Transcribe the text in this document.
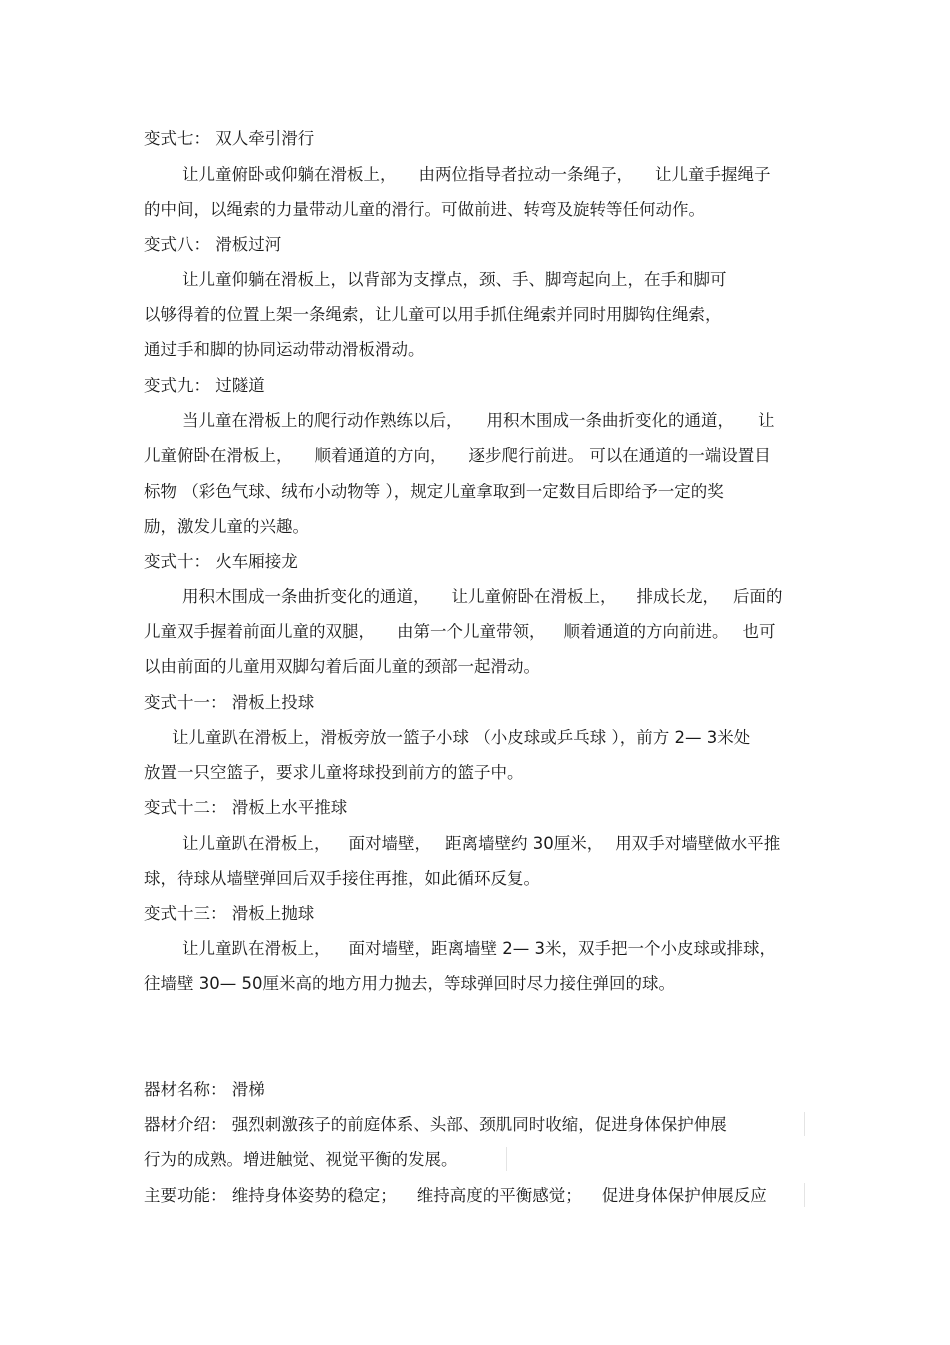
变式七： 双人牵引滑行
让儿童俯卧或仰躺在滑板上， 由两位指导者拉动一条绳子， 让儿童手握绳子
的中间，以绳索的力量带动儿童的滑行。可做前进、转弯及旋转等任何动作。
变式八： 滑板过河
让儿童仰躺在滑板上，以背部为支撑点，颈、手、脚弯起向上，在手和脚可
以够得着的位置上架一条绳索，让儿童可以用手抓住绳索并同时用脚钩住绳索，
通过手和脚的协同运动带动滑板滑动。
变式九： 过隧道
当儿童在滑板上的爬行动作熟练以后， 用积木围成一条曲折变化的通道， 让
儿童俯卧在滑板上， 顺着通道的方向， 逐步爬行前进。 可以在通道的一端设置目
标物 （彩色气球、绒布小动物等 ），规定儿童拿取到一定数目后即给予一定的奖
励，激发儿童的兴趣。
变式十： 火车厢接龙
用积木围成一条曲折变化的通道， 让儿童俯卧在滑板上， 排成长龙， 后面的
儿童双手握着前面儿童的双腿， 由第一个儿童带领， 顺着通道的方向前进。 也可
以由前面的儿童用双脚勾着后面儿童的颈部一起滑动。
变式十一： 滑板上投球
让儿童趴在滑板上，滑板旁放一篮子小球 （小皮球或乒乓球 ），前方 2— 3米处
放置一只空篮子，要求儿童将球投到前方的篮子中。
变式十二： 滑板上水平推球
让儿童趴在滑板上， 面对墙壁， 距离墙壁约 30厘米， 用双手对墙壁做水平推
球，待球从墙壁弹回后双手接住再推，如此循环反复。
变式十三： 滑板上抛球
让儿童趴在滑板上， 面对墙壁，距离墙壁 2— 3米，双手把一个小皮球或排球，
往墙壁 30— 50厘米高的地方用力抛去，等球弹回时尽力接住弹回的球。
器材名称： 滑梯
器材介绍： 强烈刺激孩子的前庭体系、头部、颈肌同时收缩，促进身体保护伸展
行为的成熟。增进触觉、视觉平衡的发展。
主要功能： 维持身体姿势的稳定； 维持高度的平衡感觉； 促进身体保护伸展反应
